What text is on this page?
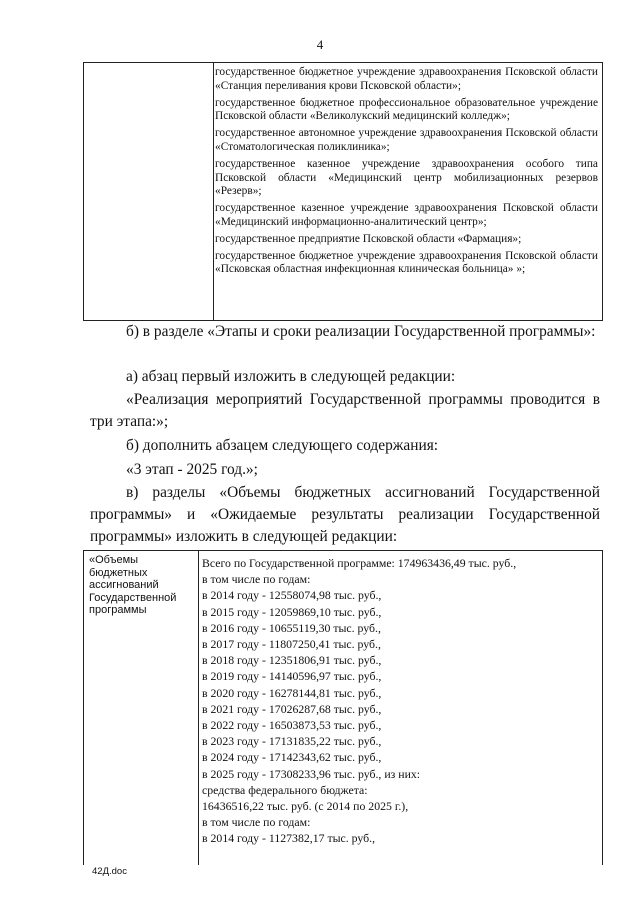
4
государственное бюджетное учреждение здравоохранения Псковской области «Станция переливания крови Псковской области»;
государственное бюджетное профессиональное образовательное учреждение Псковской области «Великолукский медицинский колледж»;
государственное автономное учреждение здравоохранения Псковской области «Стоматологическая поликлиника»;
государственное казенное учреждение здравоохранения особого типа Псковской области «Медицинский центр мобилизационных резервов «Резерв»;
государственное казенное учреждение здравоохранения Псковской области «Медицинский информационно-аналитический центр»;
государственное предприятие Псковской области «Фармация»;
государственное бюджетное учреждение здравоохранения Псковской области «Псковская областная инфекционная клиническая больница» »;
б) в разделе «Этапы и сроки реализации Государственной программы»:
а) абзац первый изложить в следующей редакции:
«Реализация мероприятий Государственной программы проводится в три этапа:»;
б) дополнить абзацем следующего содержания:
«3 этап - 2025 год.»;
в) разделы «Объемы бюджетных ассигнований Государственной программы» и «Ожидаемые результаты реализации Государственной программы» изложить в следующей редакции:
«Объемы бюджетных ассигнований Государственной программы
Всего по Государственной программе: 174963436,49 тыс. руб.,
в том числе по годам:
в 2014 году - 12558074,98 тыс. руб.,
в 2015 году - 12059869,10 тыс. руб.,
в 2016 году - 10655119,30 тыс. руб.,
в 2017 году - 11807250,41 тыс. руб.,
в 2018 году - 12351806,91 тыс. руб.,
в 2019 году - 14140596,97 тыс. руб.,
в 2020 году - 16278144,81 тыс. руб.,
в 2021 году - 17026287,68 тыс. руб.,
в 2022 году - 16503873,53 тыс. руб.,
в 2023 году - 17131835,22 тыс. руб.,
в 2024 году - 17142343,62 тыс. руб.,
в 2025 году - 17308233,96 тыс. руб., из них:
средства федерального бюджета:
16436516,22 тыс. руб. (с 2014 по 2025 г.),
в том числе по годам:
в 2014 году - 1127382,17 тыс. руб.,
42Д.doc
